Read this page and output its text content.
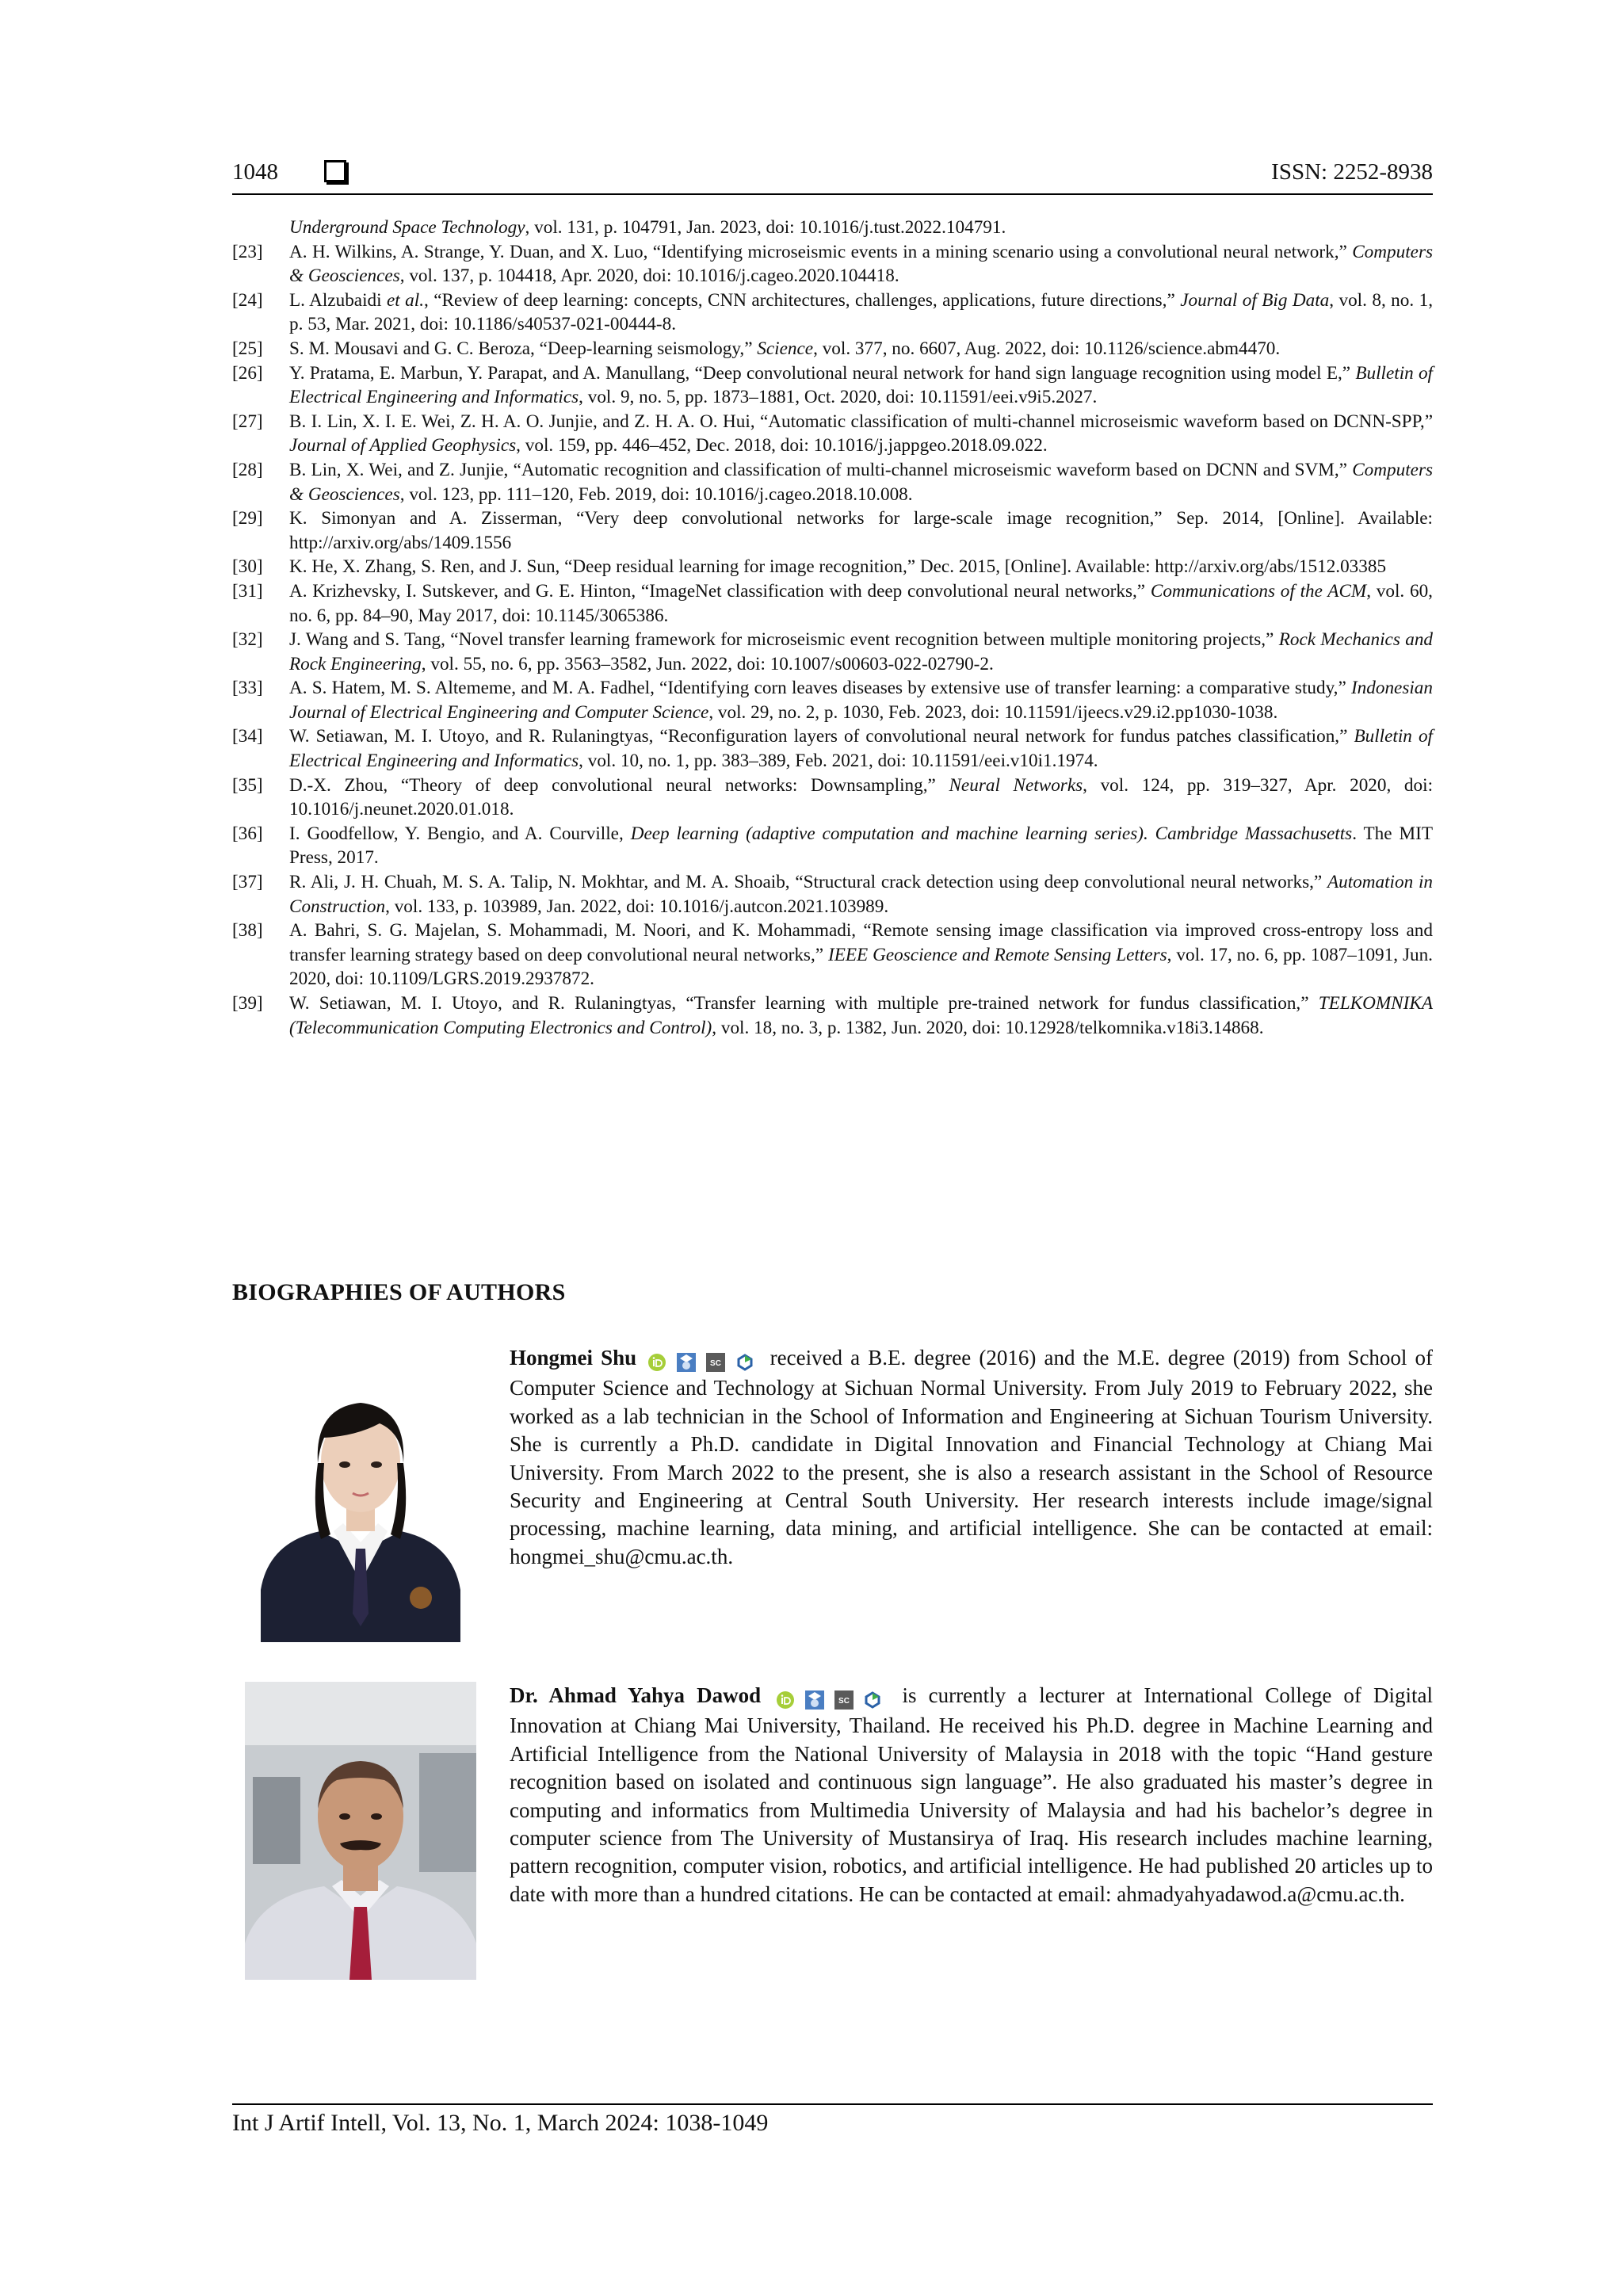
1048	ISSN: 2252-8938
Underground Space Technology, vol. 131, p. 104791, Jan. 2023, doi: 10.1016/j.tust.2022.104791.
[23] A. H. Wilkins, A. Strange, Y. Duan, and X. Luo, “Identifying microseismic events in a mining scenario using a convolutional neural network,” Computers & Geosciences, vol. 137, p. 104418, Apr. 2020, doi: 10.1016/j.cageo.2020.104418.
[24] L. Alzubaidi et al., “Review of deep learning: concepts, CNN architectures, challenges, applications, future directions,” Journal of Big Data, vol. 8, no. 1, p. 53, Mar. 2021, doi: 10.1186/s40537-021-00444-8.
[25] S. M. Mousavi and G. C. Beroza, “Deep-learning seismology,” Science, vol. 377, no. 6607, Aug. 2022, doi: 10.1126/science.abm4470.
[26] Y. Pratama, E. Marbun, Y. Parapat, and A. Manullang, “Deep convolutional neural network for hand sign language recognition using model E,” Bulletin of Electrical Engineering and Informatics, vol. 9, no. 5, pp. 1873–1881, Oct. 2020, doi: 10.11591/eei.v9i5.2027.
[27] B. I. Lin, X. I. E. Wei, Z. H. A. O. Junjie, and Z. H. A. O. Hui, “Automatic classification of multi-channel microseismic waveform based on DCNN-SPP,” Journal of Applied Geophysics, vol. 159, pp. 446–452, Dec. 2018, doi: 10.1016/j.jappgeo.2018.09.022.
[28] B. Lin, X. Wei, and Z. Junjie, “Automatic recognition and classification of multi-channel microseismic waveform based on DCNN and SVM,” Computers & Geosciences, vol. 123, pp. 111–120, Feb. 2019, doi: 10.1016/j.cageo.2018.10.008.
[29] K. Simonyan and A. Zisserman, “Very deep convolutional networks for large-scale image recognition,” Sep. 2014, [Online]. Available: http://arxiv.org/abs/1409.1556
[30] K. He, X. Zhang, S. Ren, and J. Sun, “Deep residual learning for image recognition,” Dec. 2015, [Online]. Available: http://arxiv.org/abs/1512.03385
[31] A. Krizhevsky, I. Sutskever, and G. E. Hinton, “ImageNet classification with deep convolutional neural networks,” Communications of the ACM, vol. 60, no. 6, pp. 84–90, May 2017, doi: 10.1145/3065386.
[32] J. Wang and S. Tang, “Novel transfer learning framework for microseismic event recognition between multiple monitoring projects,” Rock Mechanics and Rock Engineering, vol. 55, no. 6, pp. 3563–3582, Jun. 2022, doi: 10.1007/s00603-022-02790-2.
[33] A. S. Hatem, M. S. Altememe, and M. A. Fadhel, “Identifying corn leaves diseases by extensive use of transfer learning: a comparative study,” Indonesian Journal of Electrical Engineering and Computer Science, vol. 29, no. 2, p. 1030, Feb. 2023, doi: 10.11591/ijeecs.v29.i2.pp1030-1038.
[34] W. Setiawan, M. I. Utoyo, and R. Rulaningtyas, “Reconfiguration layers of convolutional neural network for fundus patches classification,” Bulletin of Electrical Engineering and Informatics, vol. 10, no. 1, pp. 383–389, Feb. 2021, doi: 10.11591/eei.v10i1.1974.
[35] D.-X. Zhou, “Theory of deep convolutional neural networks: Downsampling,” Neural Networks, vol. 124, pp. 319–327, Apr. 2020, doi: 10.1016/j.neunet.2020.01.018.
[36] I. Goodfellow, Y. Bengio, and A. Courville, Deep learning (adaptive computation and machine learning series). Cambridge Massachusetts. The MIT Press, 2017.
[37] R. Ali, J. H. Chuah, M. S. A. Talip, N. Mokhtar, and M. A. Shoaib, “Structural crack detection using deep convolutional neural networks,” Automation in Construction, vol. 133, p. 103989, Jan. 2022, doi: 10.1016/j.autcon.2021.103989.
[38] A. Bahri, S. G. Majelan, S. Mohammadi, M. Noori, and K. Mohammadi, “Remote sensing image classification via improved cross-entropy loss and transfer learning strategy based on deep convolutional neural networks,” IEEE Geoscience and Remote Sensing Letters, vol. 17, no. 6, pp. 1087–1091, Jun. 2020, doi: 10.1109/LGRS.2019.2937872.
[39] W. Setiawan, M. I. Utoyo, and R. Rulaningtyas, “Transfer learning with multiple pre-trained network for fundus classification,” TELKOMNIKA (Telecommunication Computing Electronics and Control), vol. 18, no. 3, p. 1382, Jun. 2020, doi: 10.12928/telkomnika.v18i3.14868.
BIOGRAPHIES OF AUTHORS
Hongmei Shu	SC received a B.E. degree (2016) and the M.E. degree (2019) from School of Computer Science and Technology at Sichuan Normal University. From July 2019 to February 2022, she worked as a lab technician in the School of Information and Engineering at Sichuan Tourism University. She is currently a Ph.D. candidate in Digital Innovation and Financial Technology at Chiang Mai University. From March 2022 to the present, she is also a research assistant in the School of Resource Security and Engineering at Central South University. Her research interests include image/signal processing, machine learning, data mining, and artificial intelligence. She can be contacted at email: hongmei_shu@cmu.ac.th.
Dr. Ahmad Yahya Dawod	SC is currently a lecturer at International College of Digital Innovation at Chiang Mai University, Thailand. He received his Ph.D. degree in Machine Learning and Artificial Intelligence from the National University of Malaysia in 2018 with the topic “Hand gesture recognition based on isolated and continuous sign language”. He also graduated his master’s degree in computing and informatics from Multimedia University of Malaysia and had his bachelor’s degree in computer science from The University of Mustansirya of Iraq. His research includes machine learning, pattern recognition, computer vision, robotics, and artificial intelligence. He had published 20 articles up to date with more than a hundred citations. He can be contacted at email: ahmadyahyadawod.a@cmu.ac.th.
Int J Artif Intell, Vol. 13, No. 1, March 2024: 1038-1049
